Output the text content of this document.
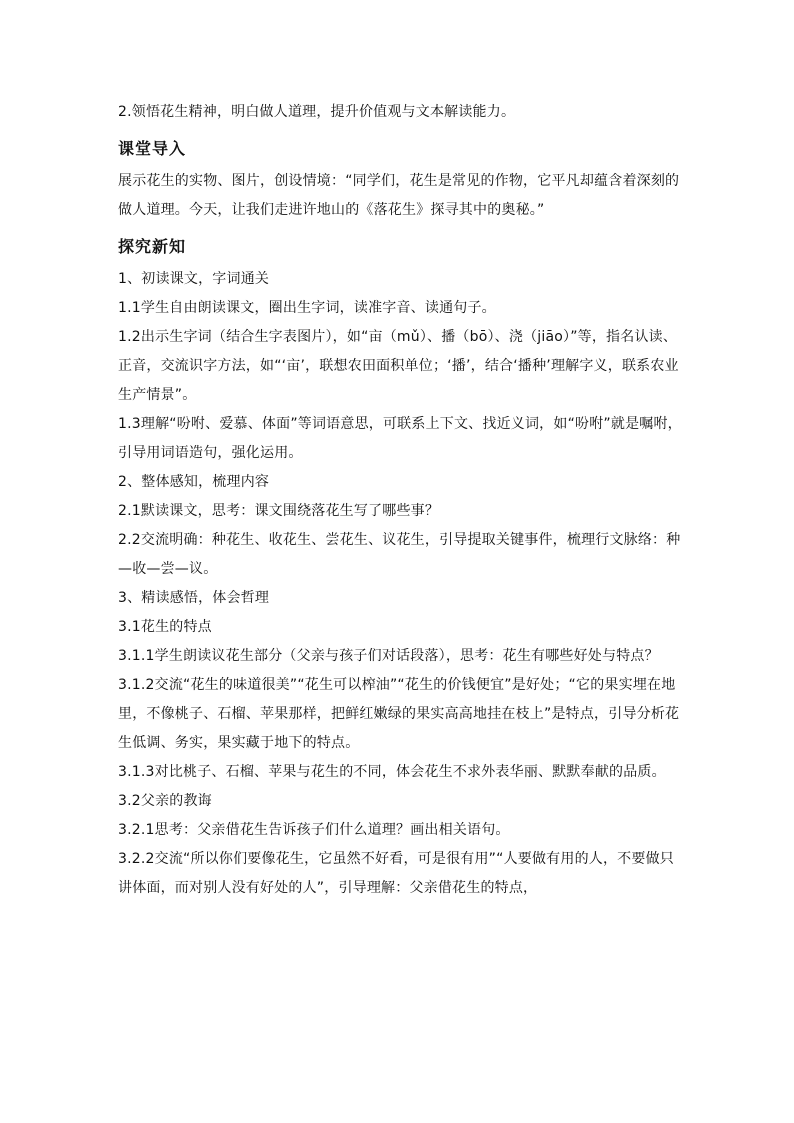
2.领悟花生精神，明白做人道理，提升价值观与文本解读能力。

课堂导入

展示花生的实物、图片，创设情境：“同学们，花生是常见的作物，它平凡却蕴含着深刻的做人道理。今天，让我们走进许地山的《落花生》探寻其中的奥秘。”

探究新知

1、初读课文，字词通关

1.1学生自由朗读课文，圈出生字词，读准字音、读通句子。

1.2出示生字词（结合生字表图片），如“亩（mǔ）、播（bō）、浇（jiāo）”等，指名认读、正音，交流识字方法，如“‘亩’，联想农田面积单位；‘播’，结合‘播种’理解字义，联系农业生产情景”。

1.3理解“吩咐、爱慕、体面”等词语意思，可联系上下文、找近义词，如“吩咐”就是嘱咐，引导用词语造句，强化运用。

2、整体感知，梳理内容

2.1默读课文，思考：课文围绕落花生写了哪些事？

2.2交流明确：种花生、收花生、尝花生、议花生，引导提取关键事件，梳理行文脉络：种—收—尝—议。

3、精读感悟，体会哲理

3.1花生的特点

3.1.1学生朗读议花生部分（父亲与孩子们对话段落），思考：花生有哪些好处与特点？

3.1.2交流“花生的味道很美”“花生可以榨油”“花生的价钱便宜”是好处；“它的果实埋在地里，不像桃子、石榴、苹果那样，把鲜红嫩绿的果实高高地挂在枝上”是特点，引导分析花生低调、务实，果实藏于地下的特点。

3.1.3对比桃子、石榴、苹果与花生的不同，体会花生不求外表华丽、默默奉献的品质。

3.2父亲的教诲

3.2.1思考：父亲借花生告诉孩子们什么道理？画出相关语句。

3.2.2交流“所以你们要像花生，它虽然不好看，可是很有用”“人要做有用的人，不要做只讲体面，而对别人没有好处的人”，引导理解：父亲借花生的特点，
